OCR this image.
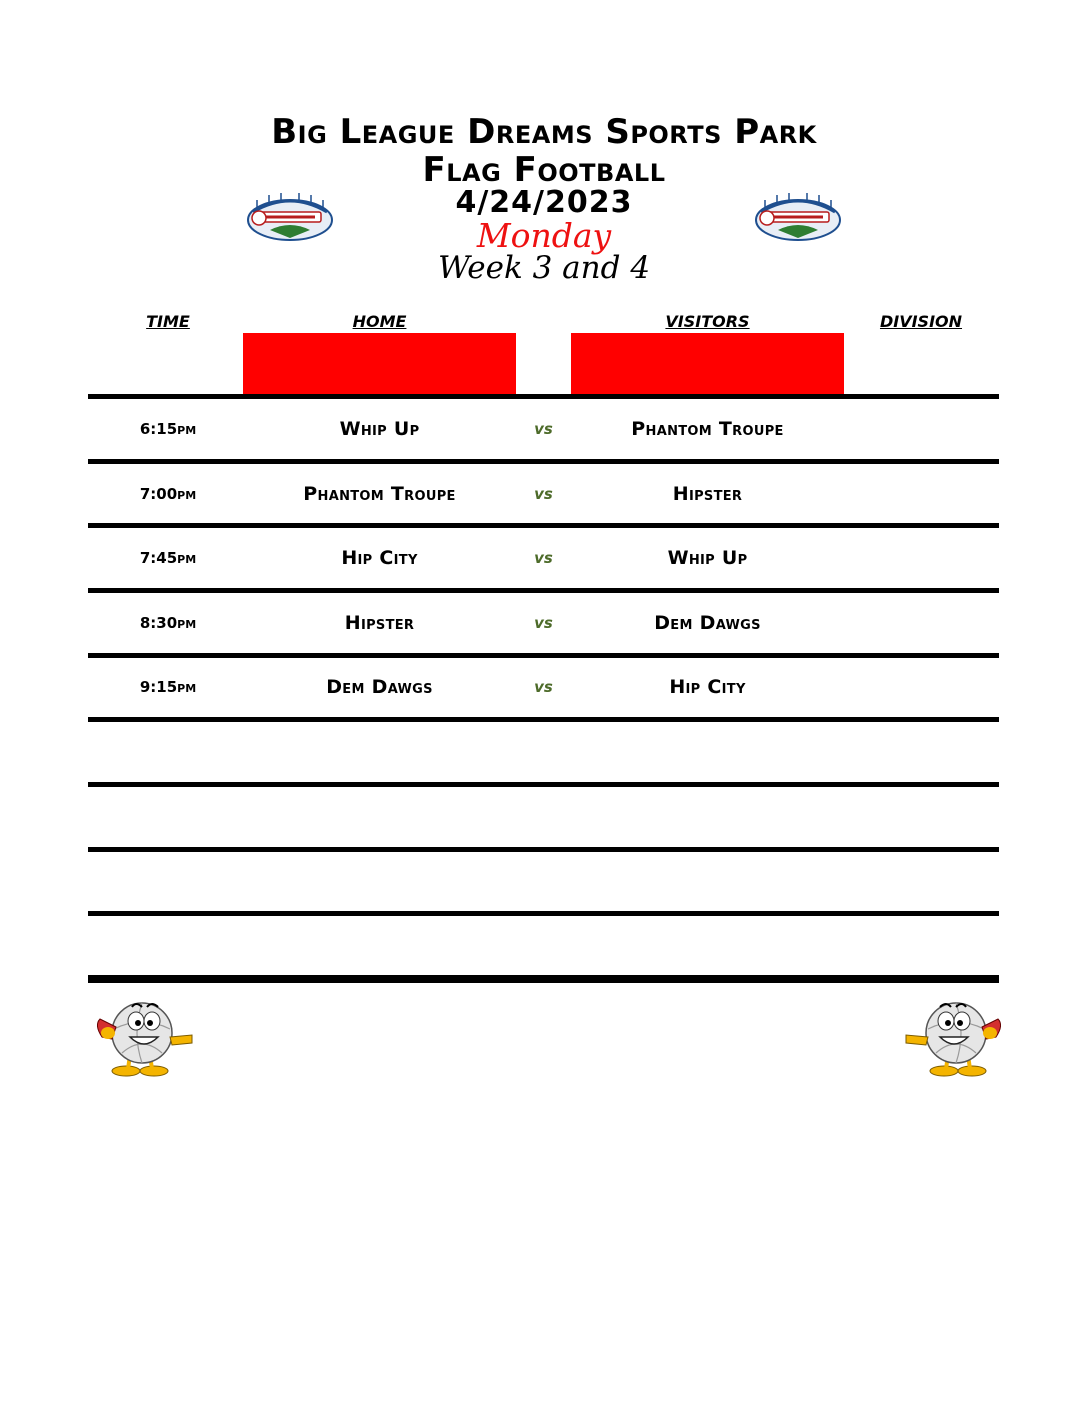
Big League Dreams Sports Park
Flag Football
4/24/2023
Monday
Week 3 and 4
TIME	HOME	VISITORS	DIVISION
6:15pm	Whip Up	vs	Phantom Troupe
7:00pm	Phantom Troupe	vs	Hipster
7:45pm	Hip City	vs	Whip Up
8:30pm	Hipster	vs	Dem Dawgs
9:15pm	Dem Dawgs	vs	Hip City
